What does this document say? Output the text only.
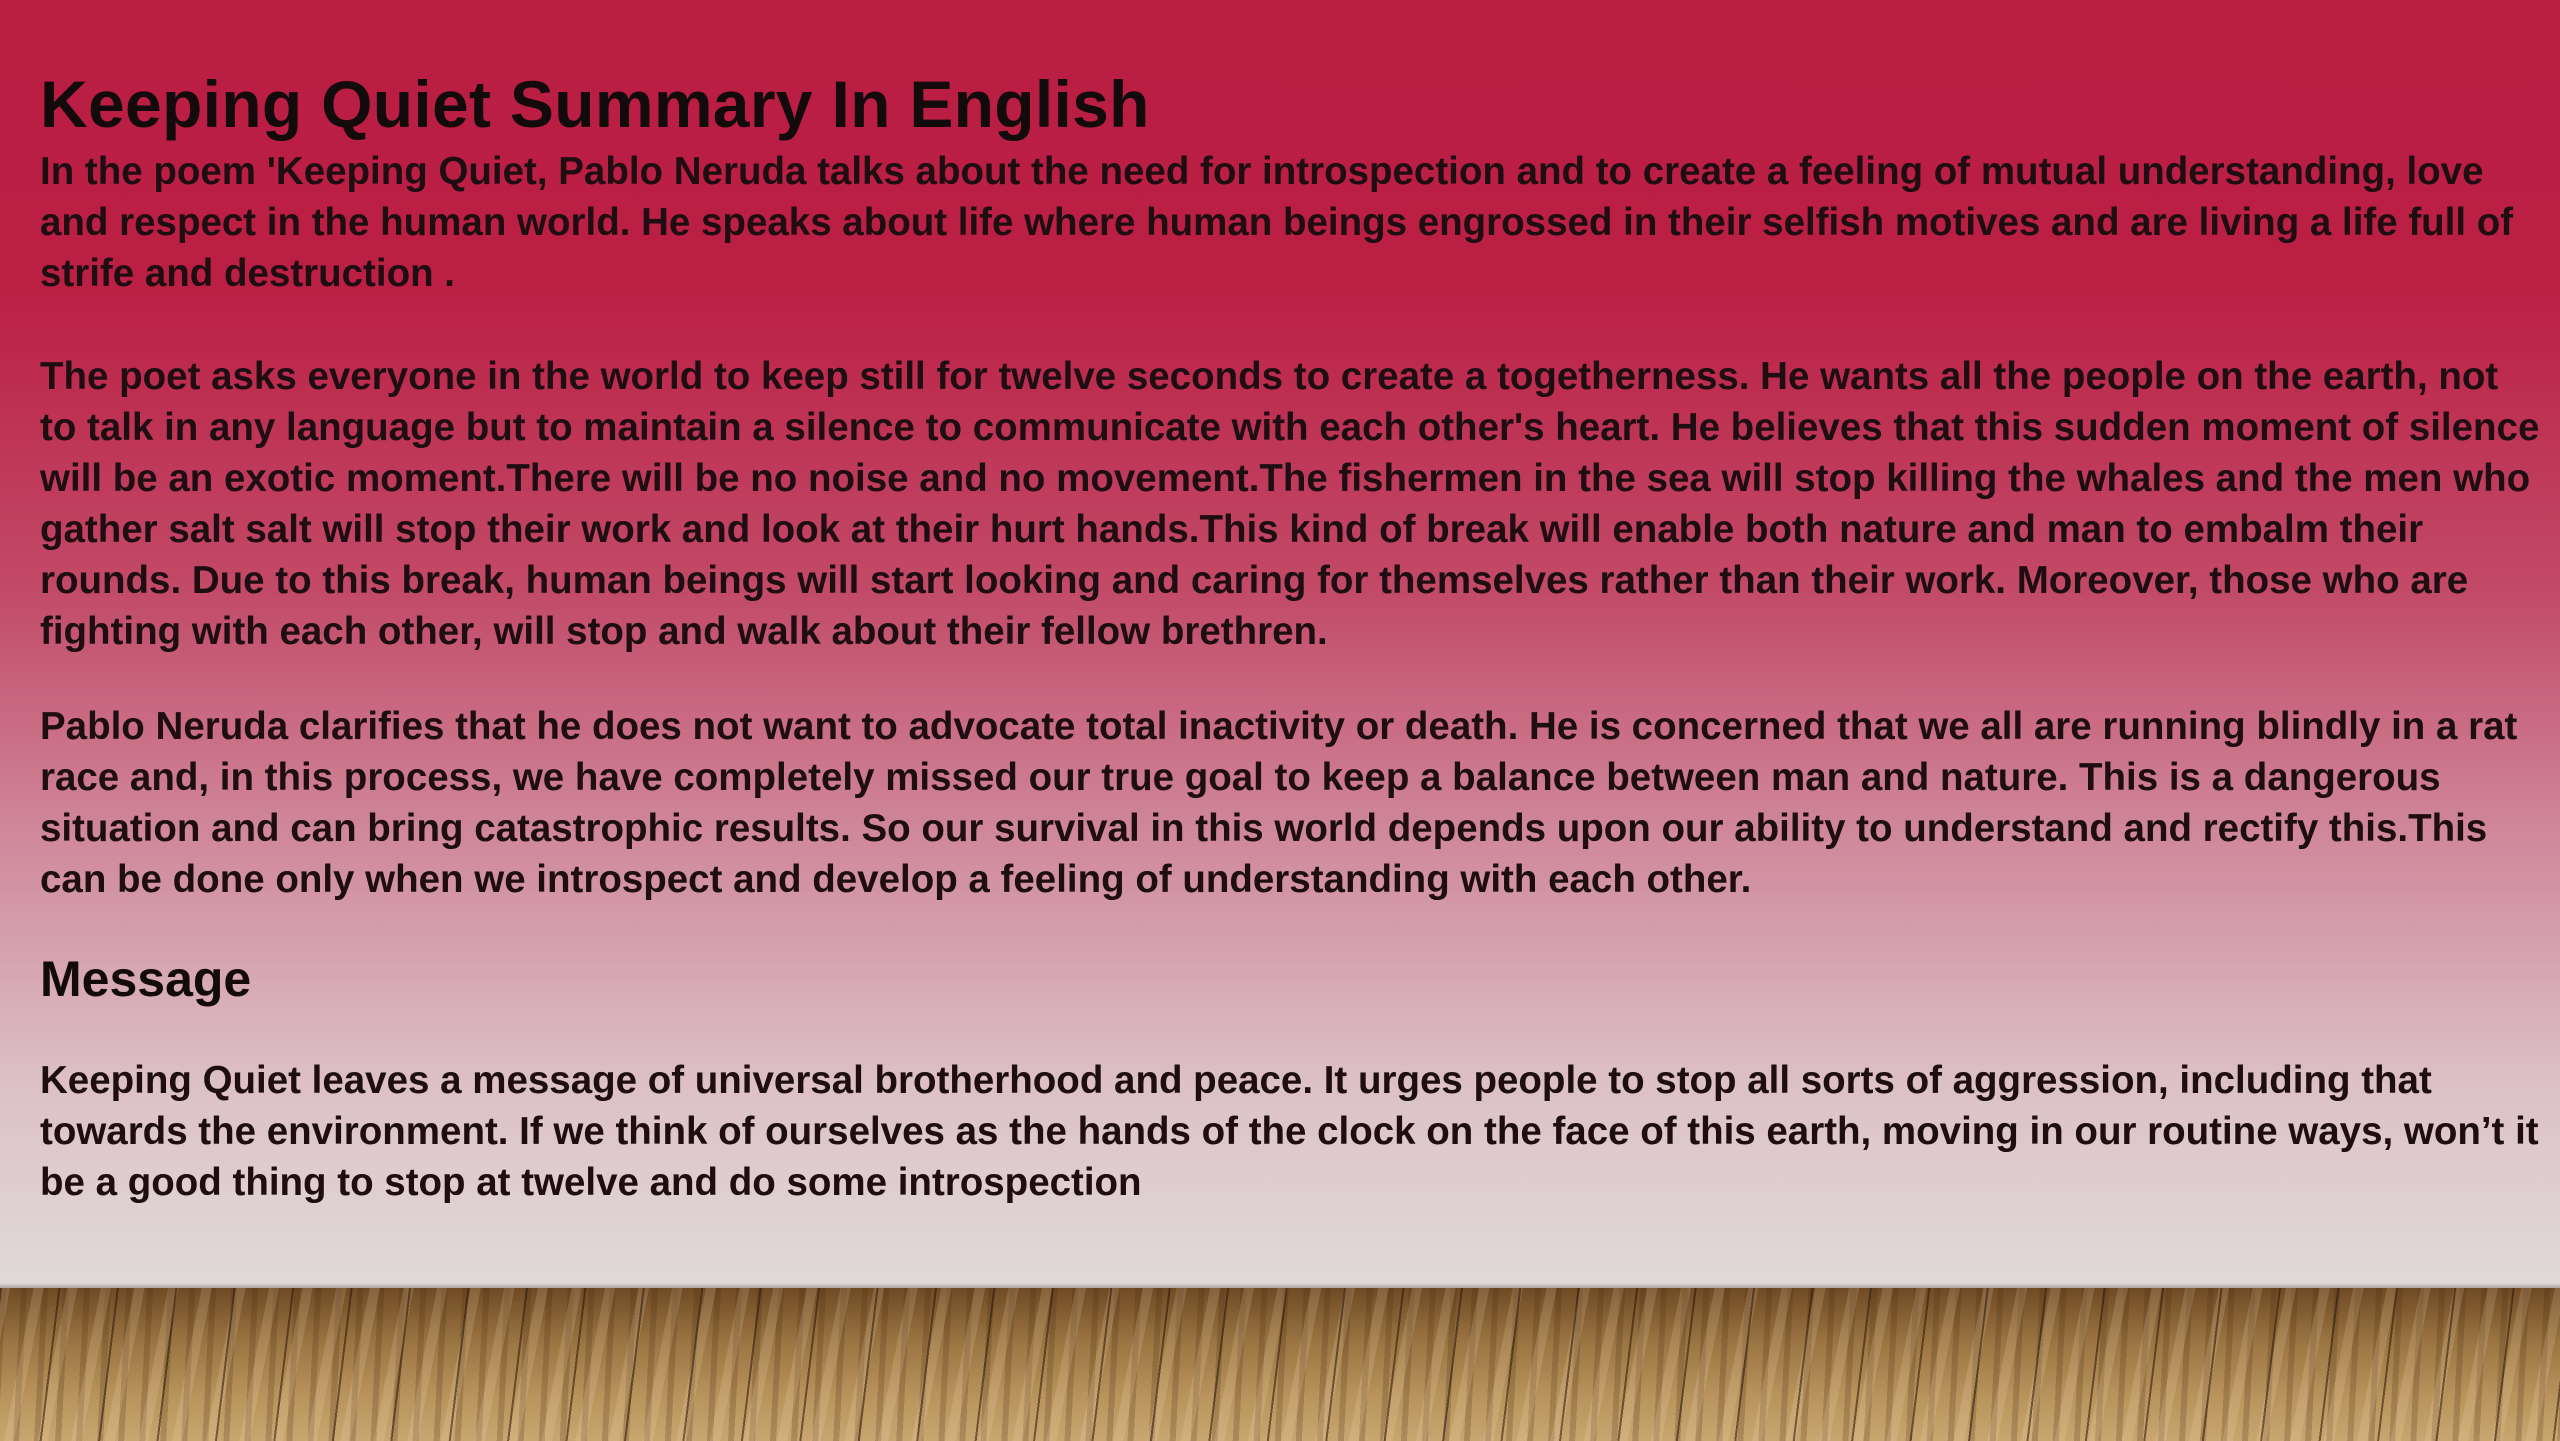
Keeping Quiet Summary In English

In the poem 'Keeping Quiet, Pablo Neruda talks about the need for introspection and to create a feeling of mutual understanding, love and respect in the human world. He speaks about life where human beings engrossed in their selfish motives and are living a life full of strife and destruction .

The poet asks everyone in the world to keep still for twelve seconds to create a togetherness. He wants all the people on the earth, not to talk in any language but to maintain a silence to communicate with each other's heart. He believes that this sudden moment of silence will be an exotic moment.There will be no noise and no movement.The fishermen in the sea will stop killing the whales and the men who gather salt salt will stop their work and look at their hurt hands.This kind of break will enable both nature and man to embalm their rounds. Due to this break, human beings will start looking and caring for themselves rather than their work. Moreover, those who are fighting with each other, will stop and walk about their fellow brethren.

Pablo Neruda clarifies that he does not want to advocate total inactivity or death. He is concerned that we all are running blindly in a rat race and, in this process, we have completely missed our true goal to keep a balance between man and nature. This is a dangerous situation and can bring catastrophic results. So our survival in this world depends upon our ability to understand and rectify this.This can be done only when we introspect and develop a feeling of understanding with each other.

Message

Keeping Quiet leaves a message of universal brotherhood and peace. It urges people to stop all sorts of aggression, including that towards the environment. If we think of ourselves as the hands of the clock on the face of this earth, moving in our routine ways, won’t it be a good thing to stop at twelve and do some introspection
